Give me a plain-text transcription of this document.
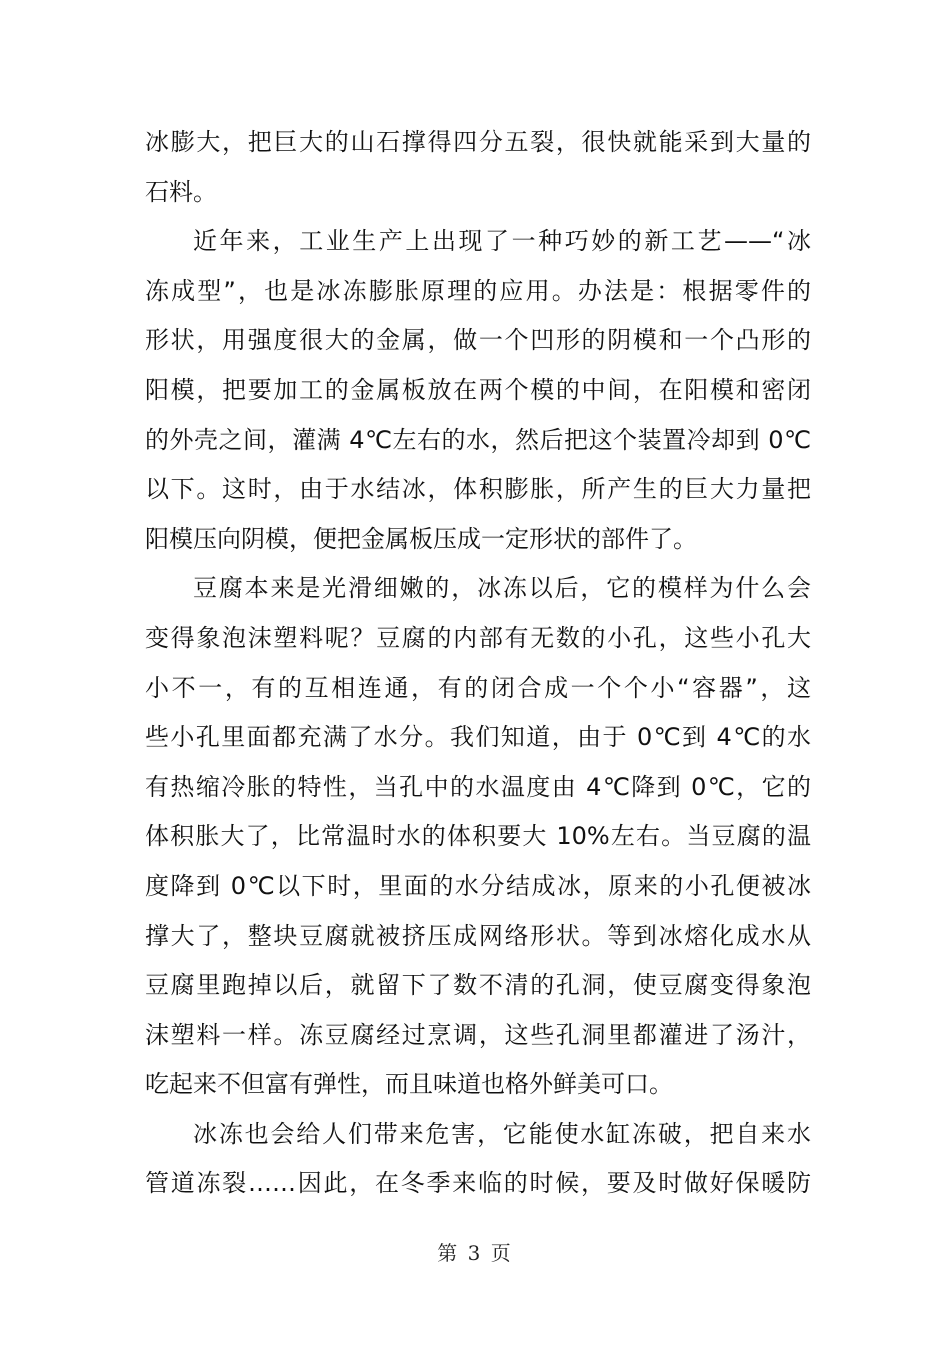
冰膨大，把巨大的山石撑得四分五裂，很快就能采到大量的
石料。
近年来，工业生产上出现了一种巧妙的新工艺——“冰
冻成型”，也是冰冻膨胀原理的应用。办法是：根据零件的
形状，用强度很大的金属，做一个凹形的阴模和一个凸形的
阳模，把要加工的金属板放在两个模的中间，在阳模和密闭
的外壳之间，灌满 4℃左右的水，然后把这个装置冷却到 0℃
以下。这时，由于水结冰，体积膨胀，所产生的巨大力量把
阳模压向阴模，便把金属板压成一定形状的部件了。
豆腐本来是光滑细嫩的，冰冻以后，它的模样为什么会
变得象泡沫塑料呢？豆腐的内部有无数的小孔，这些小孔大
小不一，有的互相连通，有的闭合成一个个小“容器”，这
些小孔里面都充满了水分。我们知道，由于 0℃到 4℃的水
有热缩冷胀的特性，当孔中的水温度由 4℃降到 0℃，它的
体积胀大了，比常温时水的体积要大 10%左右。当豆腐的温
度降到 0℃以下时，里面的水分结成冰，原来的小孔便被冰
撑大了，整块豆腐就被挤压成网络形状。等到冰熔化成水从
豆腐里跑掉以后，就留下了数不清的孔洞，使豆腐变得象泡
沫塑料一样。冻豆腐经过烹调，这些孔洞里都灌进了汤汁，
吃起来不但富有弹性，而且味道也格外鲜美可口。
冰冻也会给人们带来危害，它能使水缸冻破，把自来水
管道冻裂……因此，在冬季来临的时候，要及时做好保暖防
第 3 页
